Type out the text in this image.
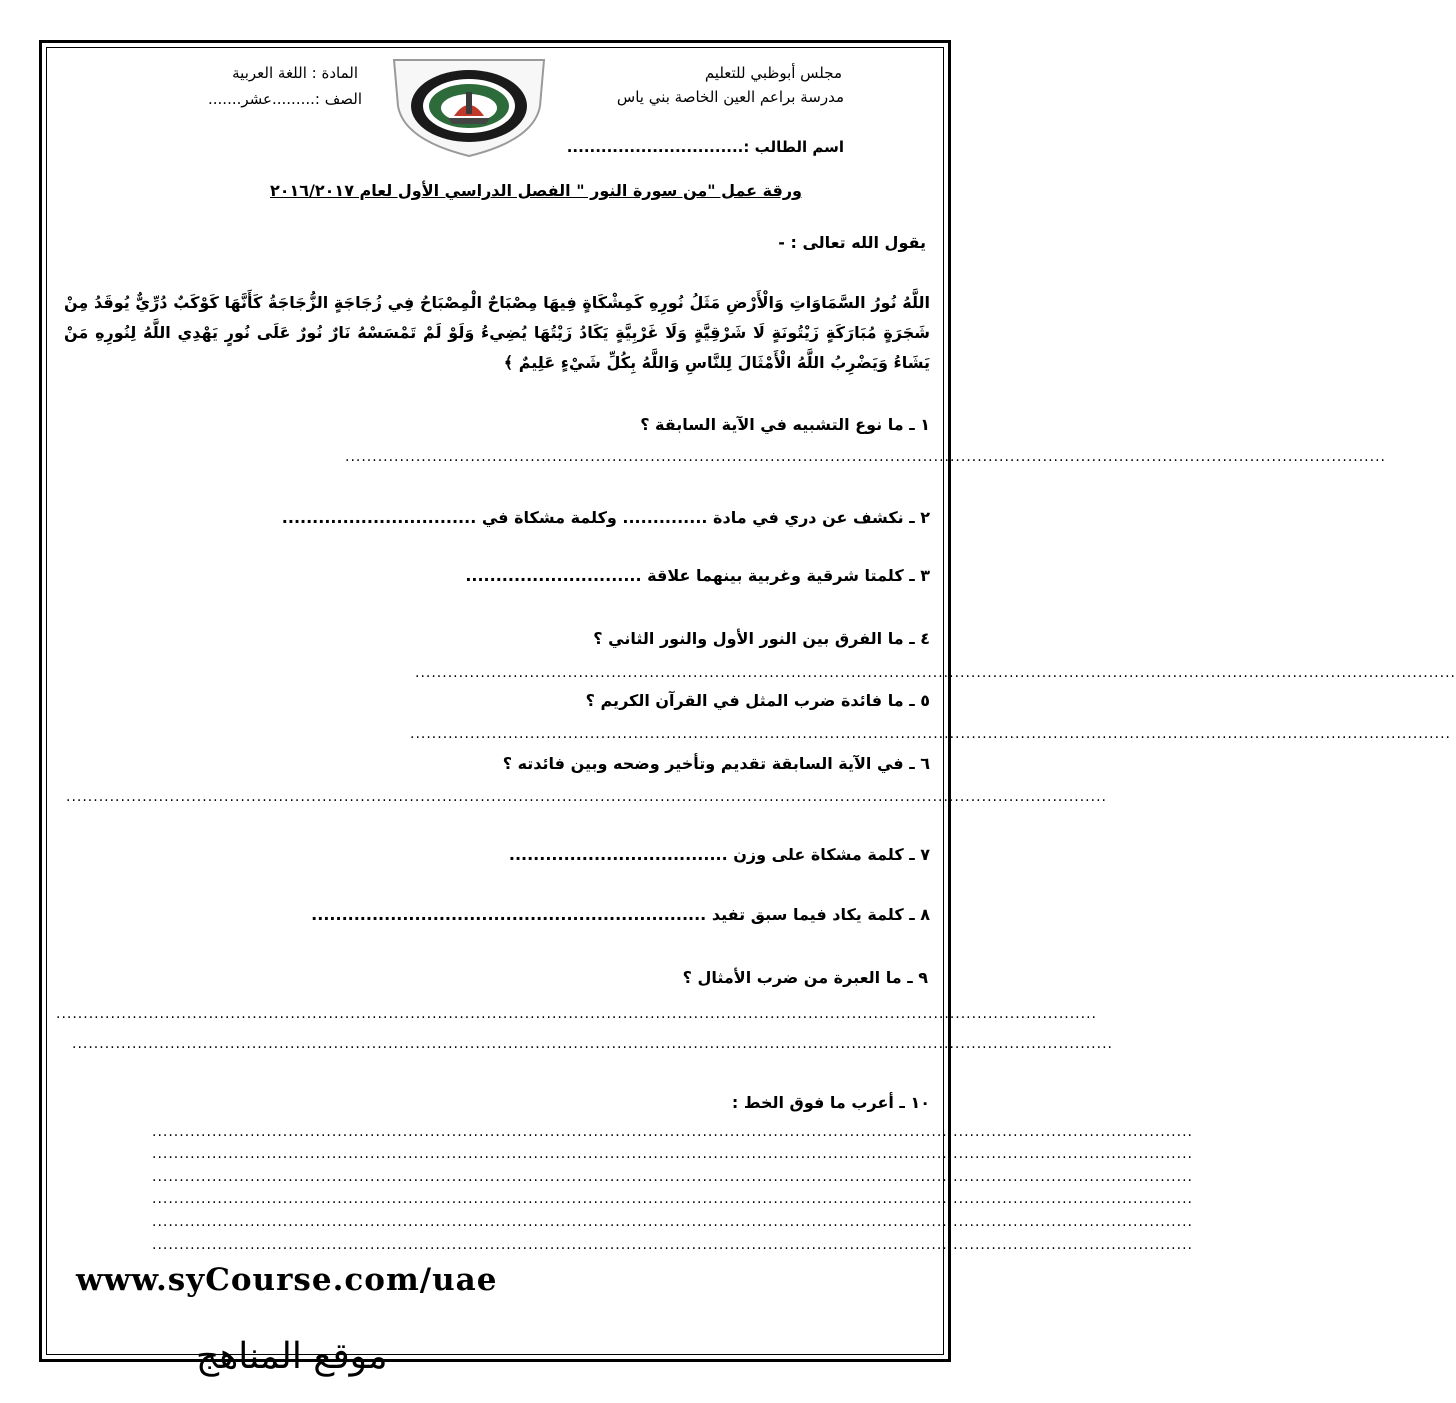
مجلس أبوظبي للتعليم
مدرسة براعم العين الخاصة بني ياس
المادة : اللغة العربية
الصف :.........عشر.......
اسم الطالب :...............................
ورقة عمل "من سورة النور " الفصل الدراسي الأول لعام ٢٠١٦/٢٠١٧
يقول الله تعالى : -
اللَّهُ نُورُ السَّمَاوَاتِ وَالْأَرْضِ مَثَلُ نُورِهِ كَمِشْكَاةٍ فِيهَا مِصْبَاحٌ الْمِصْبَاحُ فِي زُجَاجَةٍ الزُّجَاجَةُ كَأَنَّهَا كَوْكَبٌ دُرِّيٌّ يُوقَدُ مِنْ شَجَرَةٍ مُبَارَكَةٍ زَيْتُونَةٍ لَا شَرْقِيَّةٍ وَلَا غَرْبِيَّةٍ يَكَادُ زَيْتُهَا يُضِيءُ وَلَوْ لَمْ تَمْسَسْهُ نَارٌ نُورٌ عَلَى نُورٍ يَهْدِي اللَّهُ لِنُورِهِ مَنْ يَشَاءُ وَيَضْرِبُ اللَّهُ الْأَمْثَالَ لِلنَّاسِ وَاللَّهُ بِكُلِّ شَيْءٍ عَلِيمٌ ﴾
١ ـ ما نوع التشبيه في الآية السابقة ؟
...............................................................................................................................................................................................
٢ ـ نكشف عن دري في مادة .............. وكلمة مشكاة في ................................
٣ ـ كلمتا شرقية وغربية بينهما علاقة .............................
٤ ـ ما الفرق بين النور الأول والنور الثاني ؟
...............................................................................................................................................................................................
٥ ـ ما فائدة ضرب المثل في القرآن الكريم ؟
...............................................................................................................................................................................................
٦ ـ في الآية السابقة تقديم وتأخير وضحه وبين فائدته ؟
...............................................................................................................................................................................................
٧ ـ كلمة مشكاة على وزن ....................................
٨ ـ كلمة يكاد فيما سبق تفيد .................................................................
٩ ـ ما العبرة من ضرب الأمثال ؟
...............................................................................................................................................................................................
...............................................................................................................................................................................................
١٠ ـ أعرب ما فوق الخط :
...............................................................................................................................................................................................
...............................................................................................................................................................................................
...............................................................................................................................................................................................
...............................................................................................................................................................................................
...............................................................................................................................................................................................
...............................................................................................................................................................................................
www.syCourse.com/uae
موقع المناهج
